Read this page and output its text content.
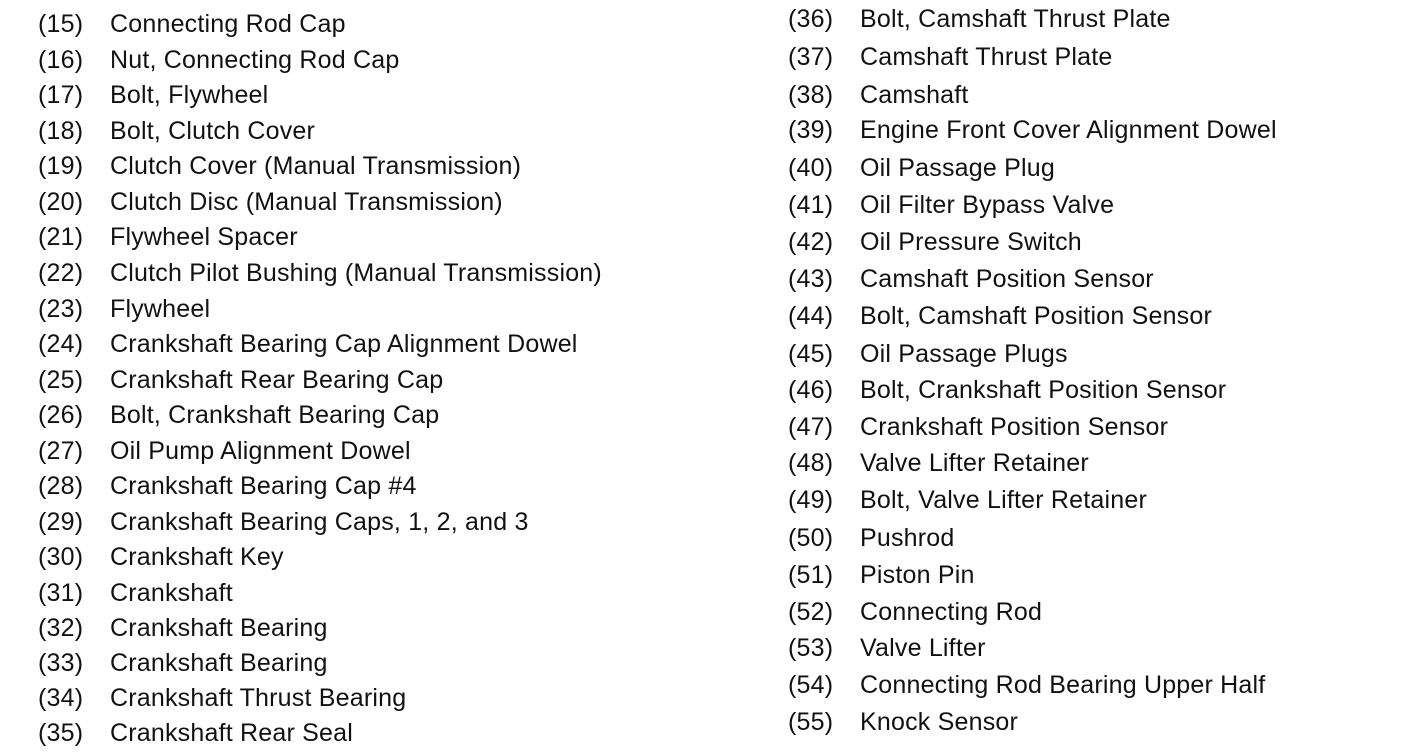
(15) Connecting Rod Cap
(16) Nut, Connecting Rod Cap
(17) Bolt, Flywheel
(18) Bolt, Clutch Cover
(19) Clutch Cover (Manual Transmission)
(20) Clutch Disc (Manual Transmission)
(21) Flywheel Spacer
(22) Clutch Pilot Bushing (Manual Transmission)
(23) Flywheel
(24) Crankshaft Bearing Cap Alignment Dowel
(25) Crankshaft Rear Bearing Cap
(26) Bolt, Crankshaft Bearing Cap
(27) Oil Pump Alignment Dowel
(28) Crankshaft Bearing Cap #4
(29) Crankshaft Bearing Caps, 1, 2, and 3
(30) Crankshaft Key
(31) Crankshaft
(32) Crankshaft Bearing
(33) Crankshaft Bearing
(34) Crankshaft Thrust Bearing
(35) Crankshaft Rear Seal
(36) Bolt, Camshaft Thrust Plate
(37) Camshaft Thrust Plate
(38) Camshaft
(39) Engine Front Cover Alignment Dowel
(40) Oil Passage Plug
(41) Oil Filter Bypass Valve
(42) Oil Pressure Switch
(43) Camshaft Position Sensor
(44) Bolt, Camshaft Position Sensor
(45) Oil Passage Plugs
(46) Bolt, Crankshaft Position Sensor
(47) Crankshaft Position Sensor
(48) Valve Lifter Retainer
(49) Bolt, Valve Lifter Retainer
(50) Pushrod
(51) Piston Pin
(52) Connecting Rod
(53) Valve Lifter
(54) Connecting Rod Bearing Upper Half
(55) Knock Sensor
